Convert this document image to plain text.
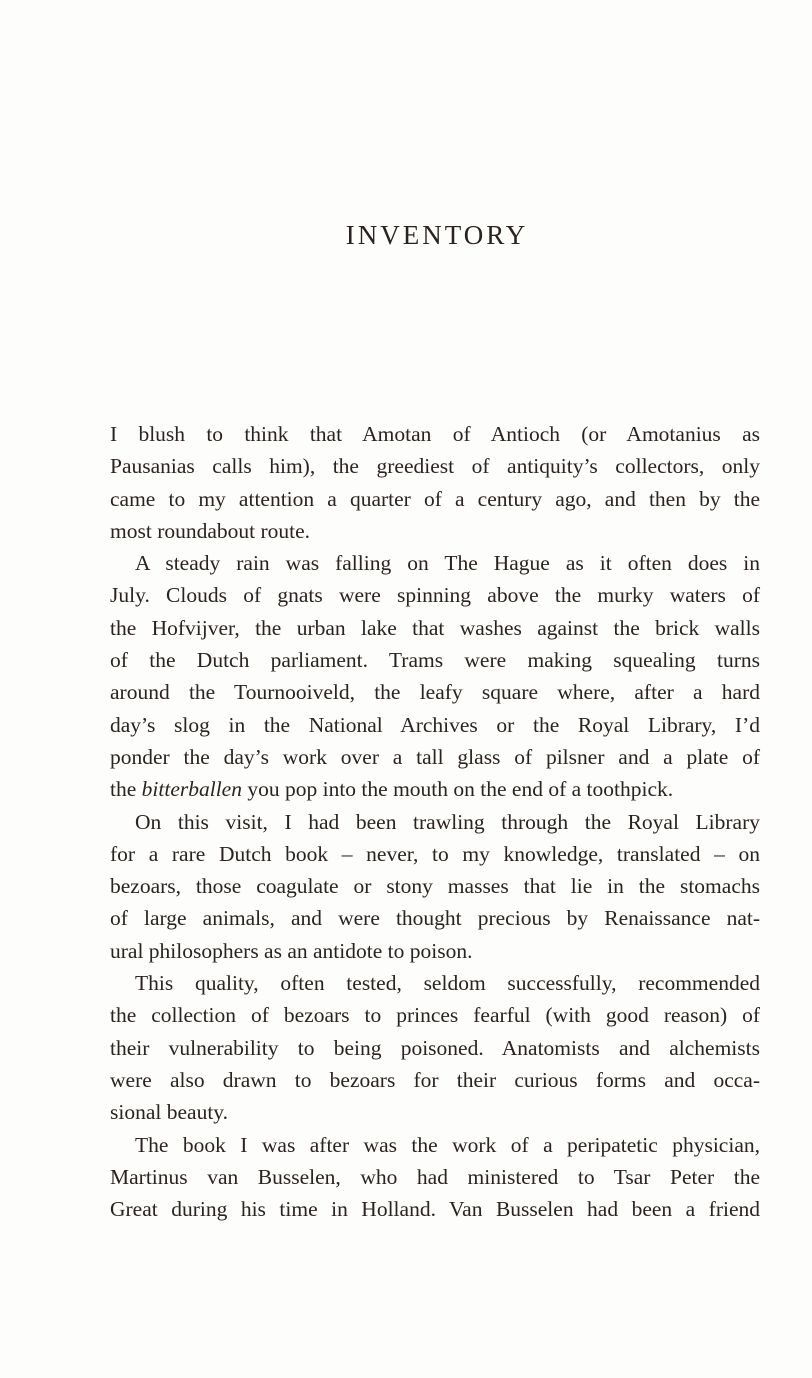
INVENTORY
I blush to think that Amotan of Antioch (or Amotanius as
Pausanias calls him), the greediest of antiquity’s collectors, only
came to my attention a quarter of a century ago, and then by the
most roundabout route.
A steady rain was falling on The Hague as it often does in
July. Clouds of gnats were spinning above the murky waters of
the Hofvijver, the urban lake that washes against the brick walls
of the Dutch parliament. Trams were making squealing turns
around the Tournooiveld, the leafy square where, after a hard
day’s slog in the National Archives or the Royal Library, I’d
ponder the day’s work over a tall glass of pilsner and a plate of
the bitterballen you pop into the mouth on the end of a toothpick.
On this visit, I had been trawling through the Royal Library
for a rare Dutch book – never, to my knowledge, translated – on
bezoars, those coagulate or stony masses that lie in the stomachs
of large animals, and were thought precious by Renaissance nat-
ural philosophers as an antidote to poison.
This quality, often tested, seldom successfully, recommended
the collection of bezoars to princes fearful (with good reason) of
their vulnerability to being poisoned. Anatomists and alchemists
were also drawn to bezoars for their curious forms and occa-
sional beauty.
The book I was after was the work of a peripatetic physician,
Martinus van Busselen, who had ministered to Tsar Peter the
Great during his time in Holland. Van Busselen had been a friend
